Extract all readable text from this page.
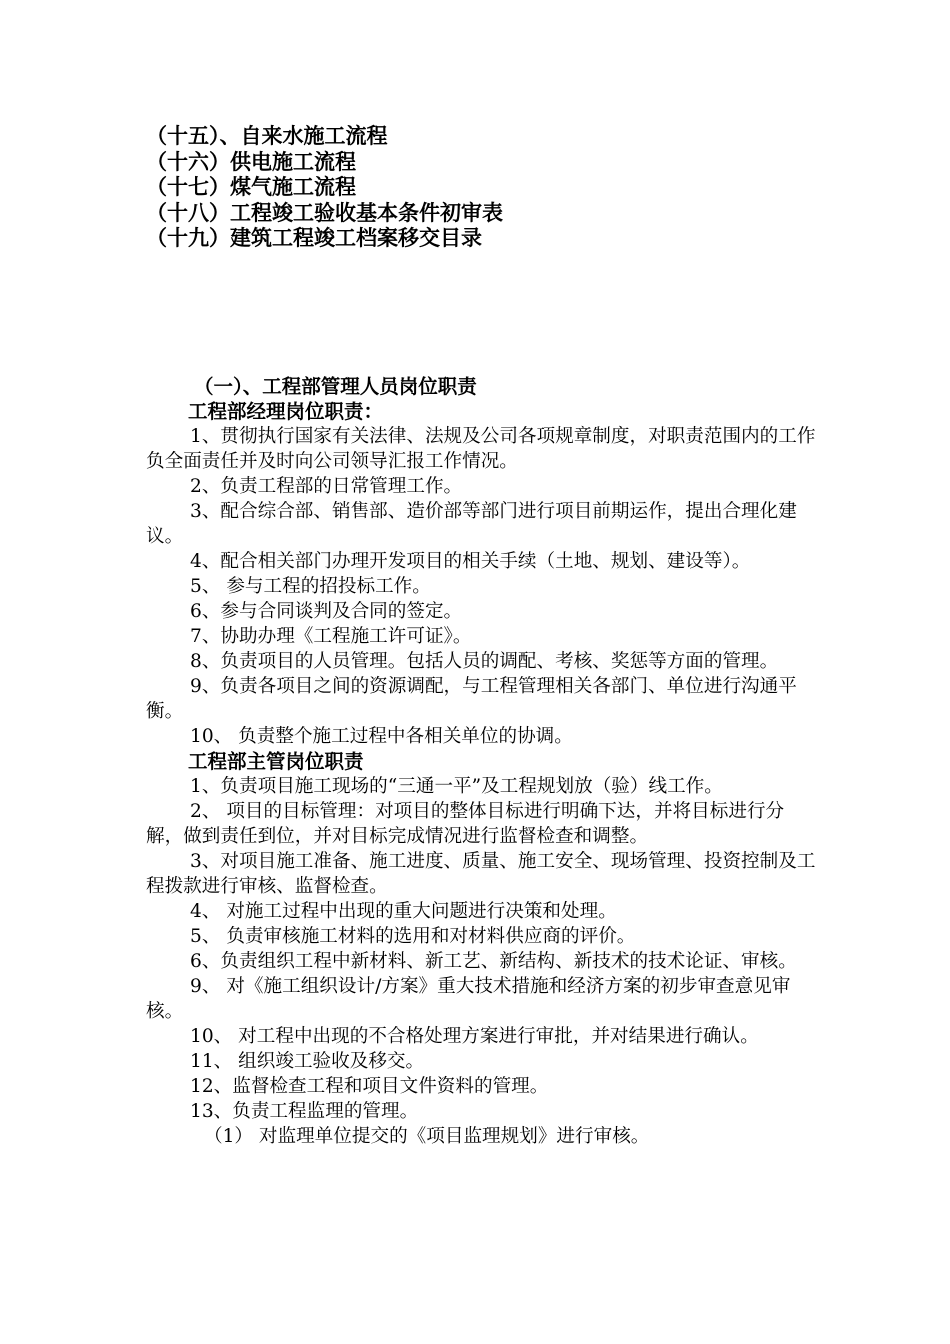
（十五）、自来水施工流程
（十六）供电施工流程
（十七）煤气施工流程
（十八）工程竣工验收基本条件初审表
（十九）建筑工程竣工档案移交目录
（一）、工程部管理人员岗位职责
工程部经理岗位职责：

1、贯彻执行国家有关法律、法规及公司各项规章制度，对职责范围内的工作负全面责任并及时向公司领导汇报工作情况。

2、负责工程部的日常管理工作。

3、配合综合部、销售部、造价部等部门进行项目前期运作，提出合理化建议。

4、配合相关部门办理开发项目的相关手续（土地、规划、建设等）。

5、 参与工程的招投标工作。

6、参与合同谈判及合同的签定。

7、协助办理《工程施工许可证》。

8、负责项目的人员管理。包括人员的调配、考核、奖惩等方面的管理。

9、负责各项目之间的资源调配，与工程管理相关各部门、单位进行沟通平衡。

10、 负责整个施工过程中各相关单位的协调。

工程部主管岗位职责

1、负责项目施工现场的“三通一平”及工程规划放（验）线工作。

2、 项目的目标管理：对项目的整体目标进行明确下达，并将目标进行分解，做到责任到位，并对目标完成情况进行监督检查和调整。

3、对项目施工准备、施工进度、质量、施工安全、现场管理、投资控制及工程拨款进行审核、监督检查。

4、 对施工过程中出现的重大问题进行决策和处理。

5、 负责审核施工材料的选用和对材料供应商的评价。

6、负责组织工程中新材料、新工艺、新结构、新技术的技术论证、审核。

9、 对《施工组织设计/方案》重大技术措施和经济方案的初步审查意见审核。

10、 对工程中出现的不合格处理方案进行审批，并对结果进行确认。

11、 组织竣工验收及移交。

12、监督检查工程和项目文件资料的管理。

13、负责工程监理的管理。

（1） 对监理单位提交的《项目监理规划》进行审核。
